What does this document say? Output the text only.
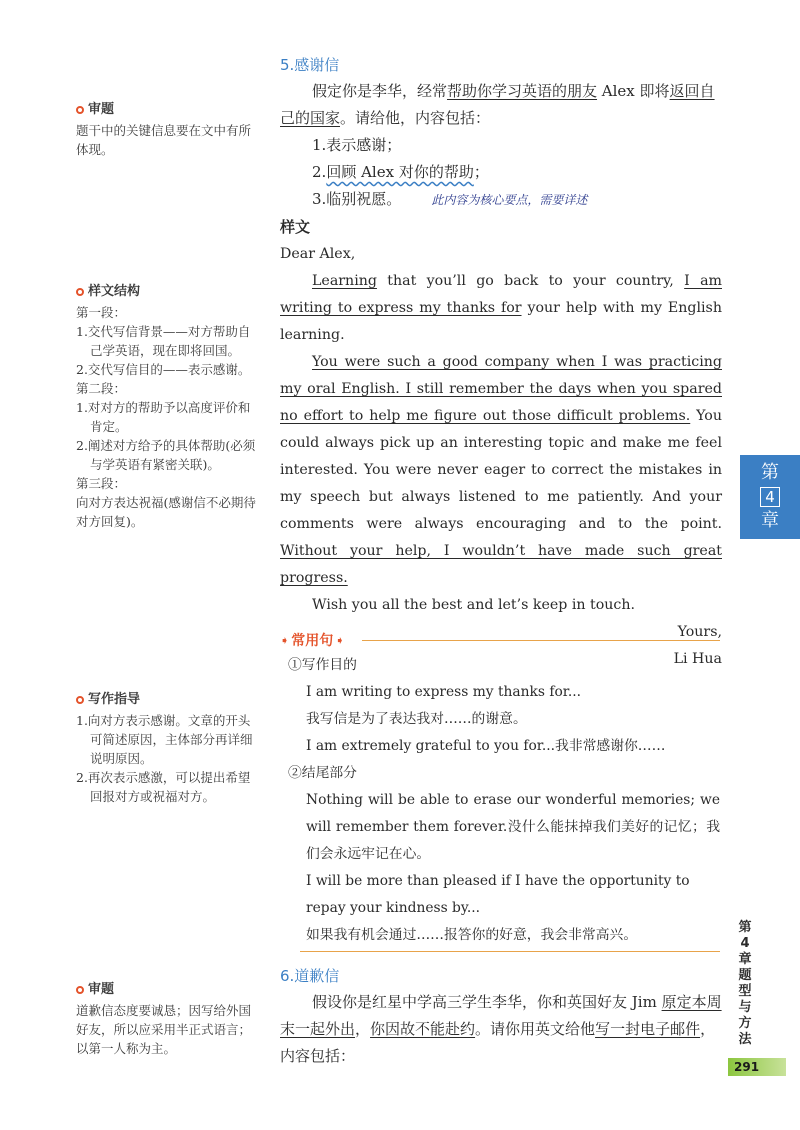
审题
题干中的关键信息要在文中有所体现。
样文结构
第一段：
1.交代写信背景——对方帮助自己学英语，现在即将回国。
2.交代写信目的——表示感谢。
第二段：
1.对对方的帮助予以高度评价和肯定。
2.阐述对方给予的具体帮助(必须与学英语有紧密关联)。
第三段：
向对方表达祝福(感谢信不必期待对方回复)。
写作指导
1.向对方表示感谢。文章的开头可简述原因，主体部分再详细说明原因。
2.再次表示感激，可以提出希望回报对方或祝福对方。
审题
道歉信态度要诚恳；因写给外国好友，所以应采用半正式语言；以第一人称为主。
5.感谢信
假定你是李华，经常帮助你学习英语的朋友 Alex 即将返回自己的国家。请给他，内容包括：
1.表示感谢；
2.回顾 Alex 对你的帮助；
3.临别祝愿。	此内容为核心要点，需要详述
样文
Dear Alex,

Learning that you’ll go back to your country, I am writing to express my thanks for your help with my English learning.

You were such a good company when I was practicing my oral English. I still remember the days when you spared no effort to help me figure out those difficult problems. You could always pick up an interesting topic and make me feel interested. You were never eager to correct the mistakes in my speech but always listened to me patiently. And your comments were always encouraging and to the point. Without your help, I wouldn’t have made such great progress.

Wish you all the best and let’s keep in touch.

Yours,
Li Hua
➧ 常用句 ➧
①写作目的
I am writing to express my thanks for...
我写信是为了表达我对……的谢意。
I am extremely grateful to you for...我非常感谢你……
②结尾部分
Nothing will be able to erase our wonderful memories; we will remember them forever.没什么能抹掉我们美好的记忆；我们会永远牢记在心。
I will be more than pleased if I have the opportunity to repay your kindness by...
如果我有机会通过……报答你的好意，我会非常高兴。
6.道歉信
假设你是红星中学高三学生李华，你和英国好友 Jim 原定本周末一起外出，你因故不能赴约。请你用英文给他写一封电子邮件，内容包括：
第
4
章
第4章题型与方法
291
